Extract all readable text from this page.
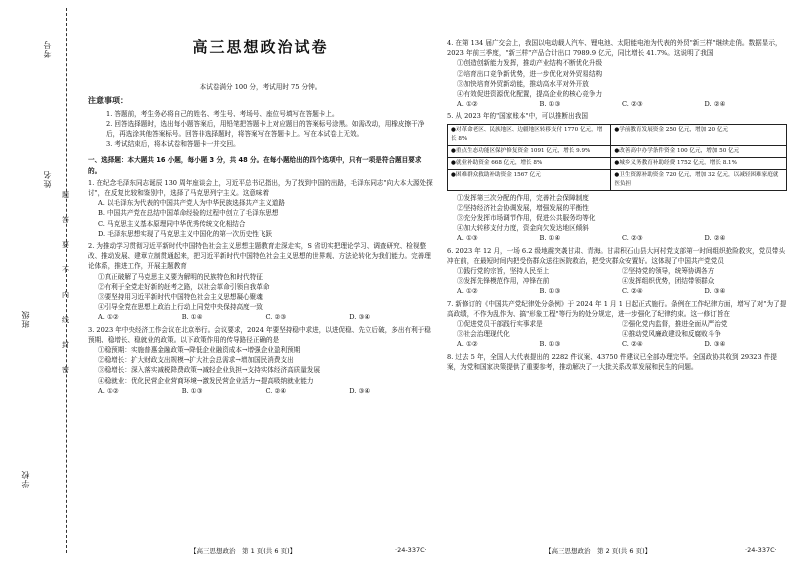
考号
姓名
班级
学校
题
答
要
不
内
线
封
密
高三思想政治试卷
本试卷满分 100 分，考试用时 75 分钟。
注意事项：
1. 答题前，考生务必将自己的姓名、考生号、考场号、座位号填写在答题卡上。
2. 回答选择题时，选出每小题答案后，用铅笔把答题卡上对应题目的答案标号涂黑。如需改动，用橡皮擦干净后，再选涂其他答案标号。回答非选择题时，将答案写在答题卡上。写在本试卷上无效。
3. 考试结束后，将本试卷和答题卡一并交回。
一、选择题：本大题共 16 小题，每小题 3 分，共 48 分。在每小题给出的四个选项中，只有一项是符合题目要求的。
1. 在纪念毛泽东同志诞辰 130 周年座谈会上，习近平总书记指出，为了找到中国的出路，毛泽东同志"向大本大源处探讨"，在反复比较和鉴别中，选择了马克思列宁主义。这意味着
A. 以毛泽东为代表的中国共产党人为中华民族选择共产主义道路
B. 中国共产党在总结中国革命经验的过程中创立了毛泽东思想
C. 马克思主义基本原理同中华优秀传统文化相结合
D. 毛泽东思想实现了马克思主义中国化的第一次历史性飞跃
2. 为推动学习贯彻习近平新时代中国特色社会主义思想主题教育走深走实，S 省切实把理论学习、调查研究、检视整改、推动发展、建章立制贯通起来，把习近平新时代中国特色社会主义思想的世界观、方法论转化为我们能力。完善理论体系，推进工作，开展主题教育
①真正破解了马克思主义要为解明的民族特色和时代特征
②有利于全党走好新的赶考之路，以社会革命引领自我革命
③要坚持用习近平新时代中国特色社会主义思想凝心聚魂
④引导全党在思想上政治上行动上同党中央保持高度一致
A. ①②	B. ①④	C. ②③	D. ③④
3. 2023 年中央经济工作会议在北京举行。会议要求，2024 年要坚持稳中求进，以进促稳、先立后破，多出有利于稳预期、稳增长、稳就业的政策。以下政策作用的传导路径正确的是
①稳预期：实施普惠金融政策→降低企业融资成本→增强企业盈利预期
②稳增长：扩大财政支出规模→扩大社会总需求→增加国民消费支出
③稳增长：深入落实减税降费政策→减轻企业负担→支持实体经济高质量发展
④稳就业：优化民营企业营商环境→激发民营企业活力→提高吸纳就业能力
A. ①②	B. ①③	C. ②④	D. ③④
4. 在第 134 届广交会上，我国以电动载人汽车、锂电池、太阳能电池为代表的外贸"新三样"继续走俏。数据显示，2023 年前三季度，"新三样"产品合计出口 7989.9 亿元，同比增长 41.7%。这说明了我国
①创造创新能力发挥，推动产业结构不断优化升级
②培育出口竞争新优势，进一步优化对外贸易结构
③加快培育外贸新动能，推动高水平对外开放
④有效促进资源优化配置，提高企业的核心竞争力
A. ①②	B. ①③	C. ②③	D. ②④
5. 从 2023 年的"国家账本"中，可以推断出我国
●对革命老区、民族地区、边疆地区转移支付 1770 亿元，增长 8%	●学前教育发展资金 250 亿元，增加 20 亿元
●重点生态功能区保护修复资金 1091 亿元，增长 9.9%	●改善高中办学条件资金 100 亿元，增加 50 亿元
●就业补助资金 668 亿元，增长 8%	●城乡义务教育补助经费 1752 亿元，增长 8.1%
●困难群众救助补助资金 1567 亿元	●卫生资源补助资金 720 亿元，增加 32 亿元，以减轻困难家庭就医负担
①发挥第三次分配的作用，完善社会保障制度
②坚持经济社会协调发展，增强发展的平衡性
③充分发挥市场调节作用，促进公共服务均等化
④加大转移支付力度，资金向欠发达地区倾斜
A. ①③	B. ①④	C. ②③	D. ②④
6. 2023 年 12 月，一场 6.2 级地震突袭甘肃、青海。甘肃积石山县大河村党支部第一时间组织抢险救灾，党员带头冲在前，在最短时间内把受伤群众送往医院救治，把受灾群众安置好。这体现了中国共产党党员
①践行党的宗旨，坚持人民至上	②坚持党的领导，统筹协调各方
③发挥先锋模范作用，冲锋在前	④发挥组织优势，团结带领群众
A. ①②	B. ①③	C. ②④	D. ③④
7. 新修订的《中国共产党纪律处分条例》于 2024 年 1 月 1 日起正式施行。条例在工作纪律方面，增写了对"为了提高政绩，不作为乱作为、搞"形象工程"等行为的处分规定，进一步强化了纪律约束。这一修订旨在
①促进党员干部践行实事求是	②强化党内监督，推进全面从严治党
③社会治理现代化	④推动党风廉政建设和反腐败斗争
A. ①②	B. ①③	C. ②④	D. ③④
8. 过去 5 年，全国人大代表提出的 2282 件议案、43750 件建议已全部办理完毕。全国政协共收到 29323 件提案，为党和国家决策提供了重要参考，推动解决了一大批关系改革发展和民生的问题。
【高三思想政治　第 1 页(共 6 页)】	·24-337C·	【高三思想政治　第 2 页(共 6 页)】	·24-337C·
